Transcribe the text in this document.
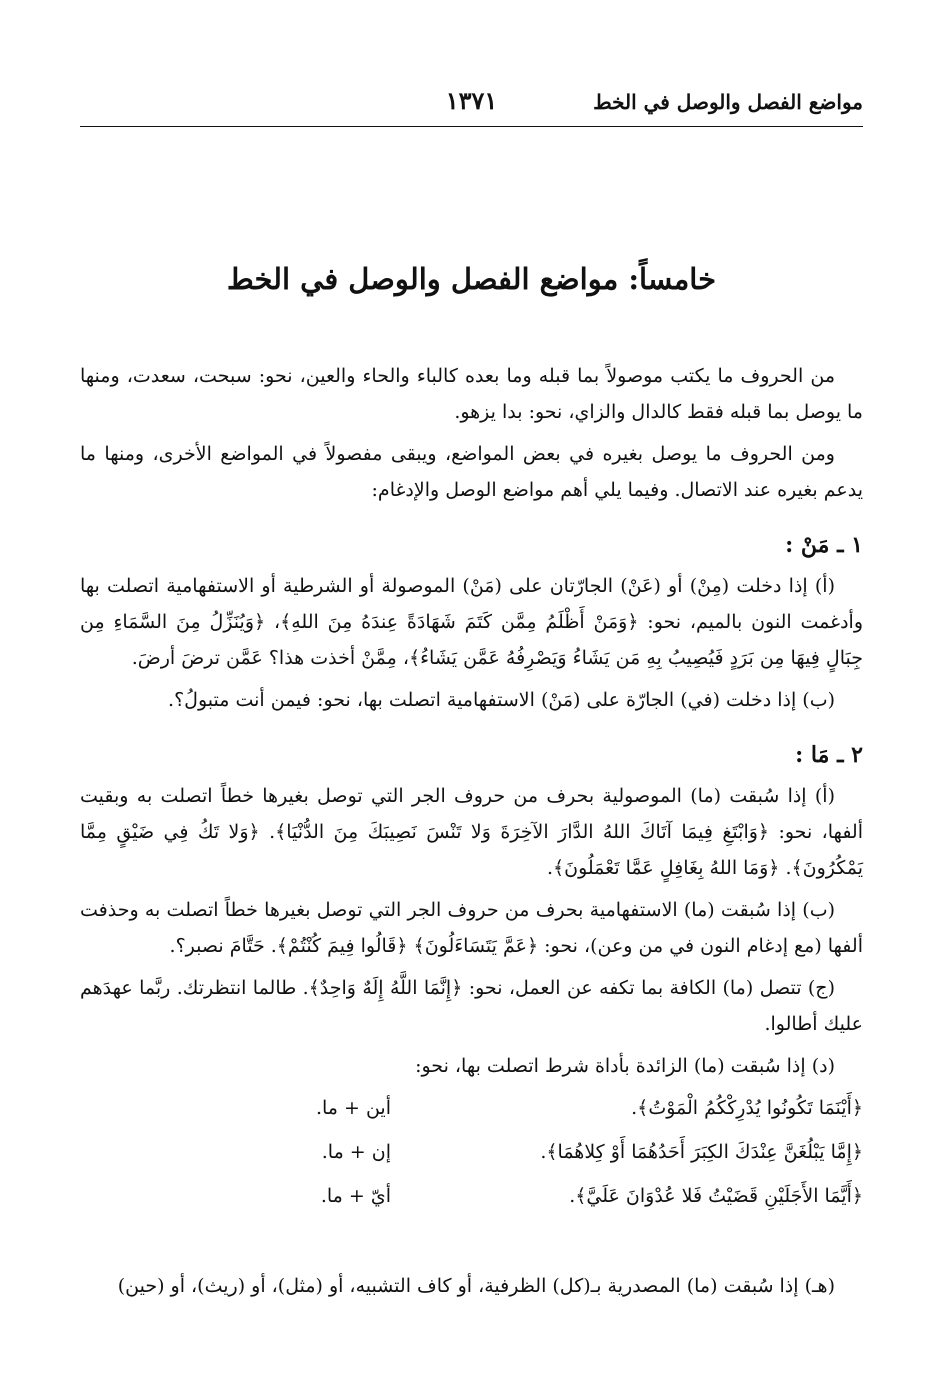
مواضع الفصل والوصل في الخط
١٣٧١
خامساً: مواضع الفصل والوصل في الخط

من الحروف ما يكتب موصولاً بما قبله وما بعده كالباء والحاء والعين، نحو: سبحت، سعدت، ومنها ما يوصل بما قبله فقط كالدال والزاي، نحو: بدا يزهو.

ومن الحروف ما يوصل بغيره في بعض المواضع، ويبقى مفصولاً في المواضع الأخرى، ومنها ما يدعم بغيره عند الاتصال. وفيما يلي أهم مواضع الوصل والإدغام:

١ ـ مَنْ :

(أ) إذا دخلت (مِنْ) أو (عَنْ) الجارّتان على (مَنْ) الموصولة أو الشرطية أو الاستفهامية اتصلت بها وأدغمت النون بالميم، نحو: ﴿وَمَنْ أَظْلَمُ مِمَّن كَتَمَ شَهَادَةً عِندَهُ مِنَ اللهِ﴾، ﴿وَيُنَزِّلُ مِنَ السَّمَاءِ مِن جِبَالٍ فِيهَا مِن بَرَدٍ فَيُصِيبُ بِهِ مَن يَشَاءُ وَيَصْرِفُهُ عَمَّن يَشَاءُ﴾، مِمَّنْ أخذت هذا؟ عَمَّن ترضَ أرضَ.

(ب) إذا دخلت (في) الجارّة على (مَنْ) الاستفهامية اتصلت بها، نحو: فيمن أنت متبولُ؟.

٢ ـ مَا :

(أ) إذا سُبقت (ما) الموصولية بحرف من حروف الجر التي توصل بغيرها خطاً اتصلت به وبقيت ألفها، نحو: ﴿وَابْتَغِ فِيمَا آتَاكَ اللهُ الدَّارَ الآخِرَةَ وَلا تَنْسَ نَصِيبَكَ مِنَ الدُّنْيَا﴾. ﴿وَلا تَكُ فِي ضَيْقٍ مِمَّا يَمْكُرُونَ﴾. ﴿وَمَا اللهُ بِغَافِلٍ عَمَّا تَعْمَلُونَ﴾.

(ب) إذا سُبقت (ما) الاستفهامية بحرف من حروف الجر التي توصل بغيرها خطاً اتصلت به وحذفت ألفها (مع إدغام النون في من وعن)، نحو: ﴿عَمَّ يَتَسَاءَلُونَ﴾ ﴿قَالُوا فِيمَ كُنْتُمْ﴾. حَتَّامَ نصبر؟.

(ج) تتصل (ما) الكافة بما تكفه عن العمل، نحو: ﴿إِنَّمَا اللَّهُ إِلَهٌ وَاحِدٌ﴾. طالما انتظرتك. ربَّما عهدَهم عليك أطالوا.

(د) إذا سُبقت (ما) الزائدة بأداة شرط اتصلت بها، نحو:

﴿أَيْنَمَا تَكُونُوا يُدْرِكْكُمُ الْمَوْتُ﴾.
أين + ما.
﴿إِمَّا يَبْلُغَنَّ عِنْدَكَ الكِبَرَ أَحَدُهُمَا أَوْ كِلاهُمَا﴾.
إن + ما.
﴿أَيَّمَا الأَجَلَيْنِ قَضَيْتُ فَلا عُدْوَانَ عَلَيَّ﴾.
أيّ + ما.

(هـ) إذا سُبقت (ما) المصدرية بـ(كل) الظرفية، أو كاف التشبيه، أو (مثل)، أو (ريث)، أو (حين)
